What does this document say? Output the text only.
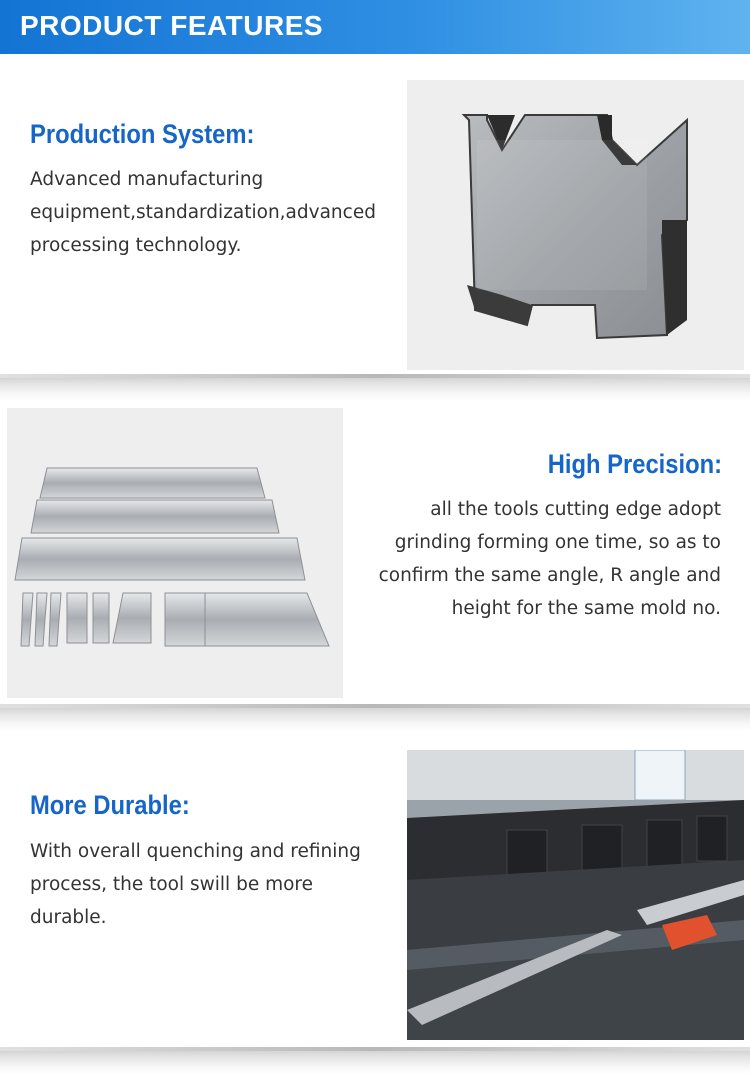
PRODUCT FEATURES
Production System:
Advanced manufacturing
equipment,standardization,advanced
processing technology.
High Precision:
all the tools cutting edge adopt
grinding forming one time, so as to
confirm the same angle, R angle and
height for the same mold no.
More Durable:
With overall quenching and refining
process, the tool swill be more
durable.
